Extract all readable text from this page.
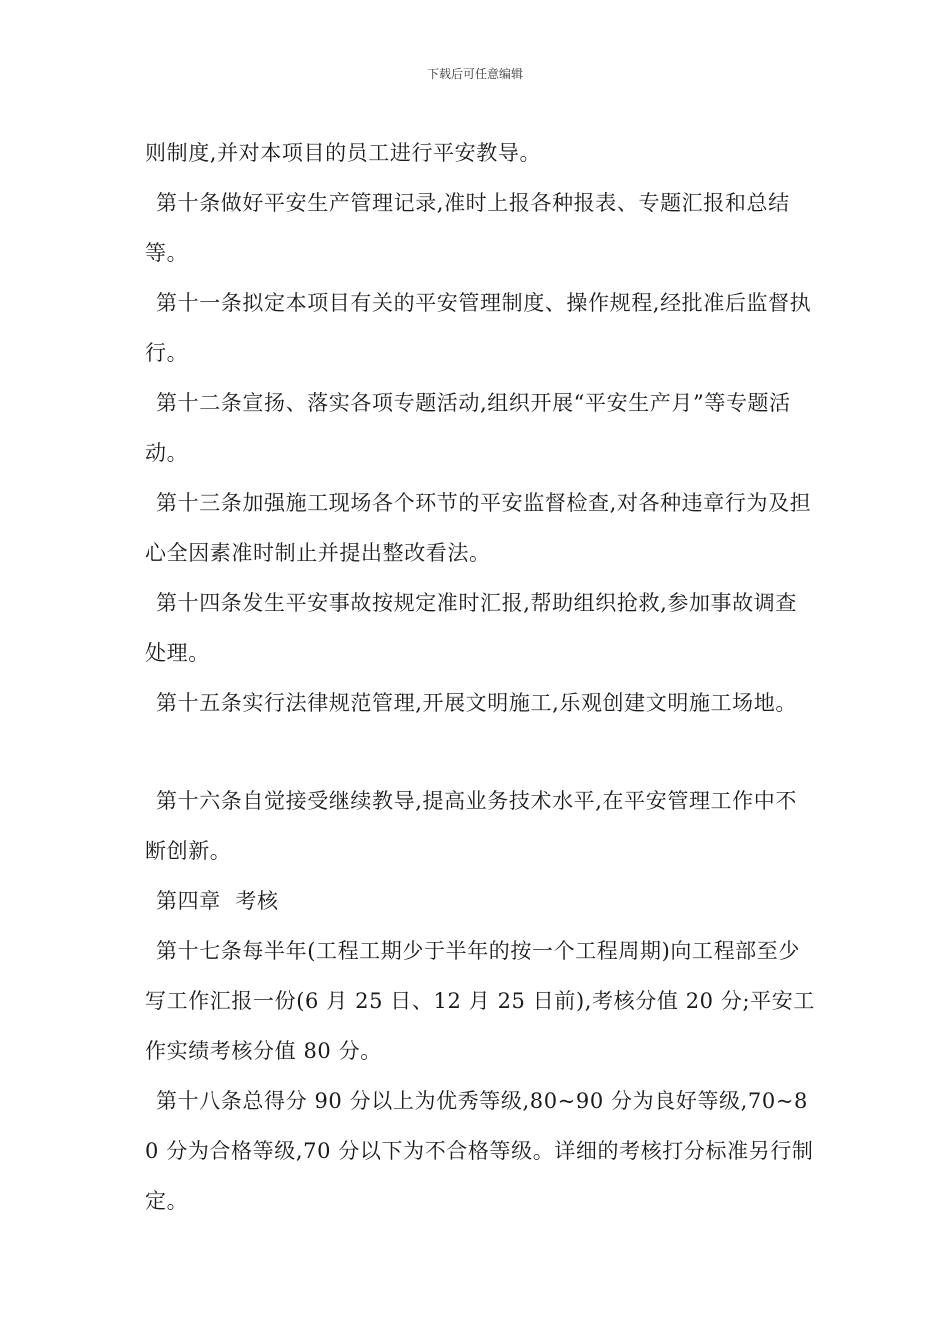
下载后可任意编辑

则制度,并对本项目的员工进行平安教导。

第十条做好平安生产管理记录,准时上报各种报表、专题汇报和总结等。

第十一条拟定本项目有关的平安管理制度、操作规程,经批准后监督执行。

第十二条宣扬、落实各项专题活动,组织开展“平安生产月”等专题活动。

第十三条加强施工现场各个环节的平安监督检查,对各种违章行为及担心全因素准时制止并提出整改看法。

第十四条发生平安事故按规定准时汇报,帮助组织抢救,参加事故调查处理。

第十五条实行法律规范管理,开展文明施工,乐观创建文明施工场地。

第十六条自觉接受继续教导,提高业务技术水平,在平安管理工作中不断创新。

第四章  考核

第十七条每半年(工程工期少于半年的按一个工程周期)向工程部至少写工作汇报一份(6 月 25 日、12 月 25 日前),考核分值 20 分;平安工作实绩考核分值 80 分。

第十八条总得分 90 分以上为优秀等级,80~90 分为良好等级,70~80 分为合格等级,70 分以下为不合格等级。详细的考核打分标准另行制定。
